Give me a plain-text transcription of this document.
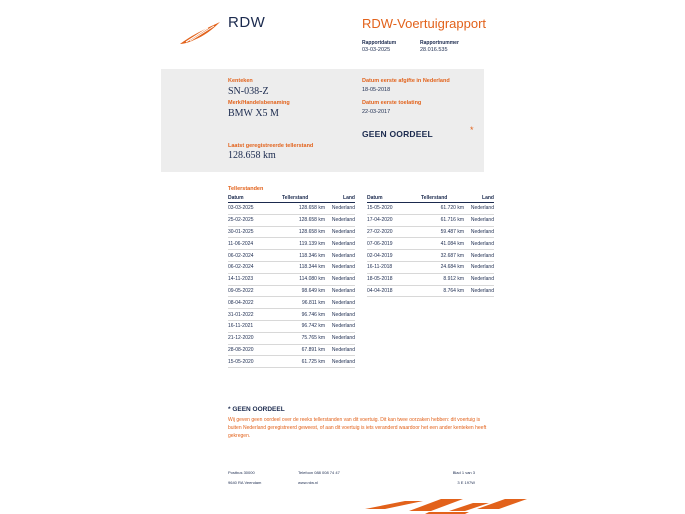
RDW	RDW-Voertuigrapport
Rapportdatum
03-03-2025
Rapportnummer
28.016.535
Kenteken
SN-038-Z
Merk/Handelsbenaming
BMW X5 M
Laatst geregistreerde tellerstand
128.658 km
Datum eerste afgifte in Nederland
18-05-2018
Datum eerste toelating
22-03-2017
GEEN OORDEEL	*
Tellerstanden
Datum	Tellerstand	Land
03-03-2025	128.658 km	Nederland
25-02-2025	128.658 km	Nederland
30-01-2025	128.658 km	Nederland
11-06-2024	119.139 km	Nederland
06-02-2024	118.346 km	Nederland
06-02-2024	118.344 km	Nederland
14-11-2023	114.080 km	Nederland
09-05-2022	98.649 km	Nederland
08-04-2022	96.811 km	Nederland
31-01-2022	96.746 km	Nederland
16-11-2021	96.742 km	Nederland
21-12-2020	75.765 km	Nederland
28-08-2020	67.891 km	Nederland
15-05-2020	61.725 km	Nederland
Datum	Tellerstand	Land
15-05-2020	61.720 km	Nederland
17-04-2020	61.716 km	Nederland
27-02-2020	59.487 km	Nederland
07-06-2019	41.084 km	Nederland
02-04-2019	32.687 km	Nederland
16-11-2018	24.684 km	Nederland
18-05-2018	8.912 km	Nederland
04-04-2018	8.764 km	Nederland
* GEEN OORDEEL
Wij geven geen oordeel over de reeks tellerstanden van dit voertuig. Dit kan twee oorzaken hebben: dit voertuig is buiten Nederland geregistreerd geweest, of aan dit voertuig is iets veranderd waardoor het een ander kenteken heeft gekregen.
Postbus 30000
9640 RA Veendam
Telefoon 088 008 74 47
www.rdw.nl
Blad 1 van 3
3 E 197W
